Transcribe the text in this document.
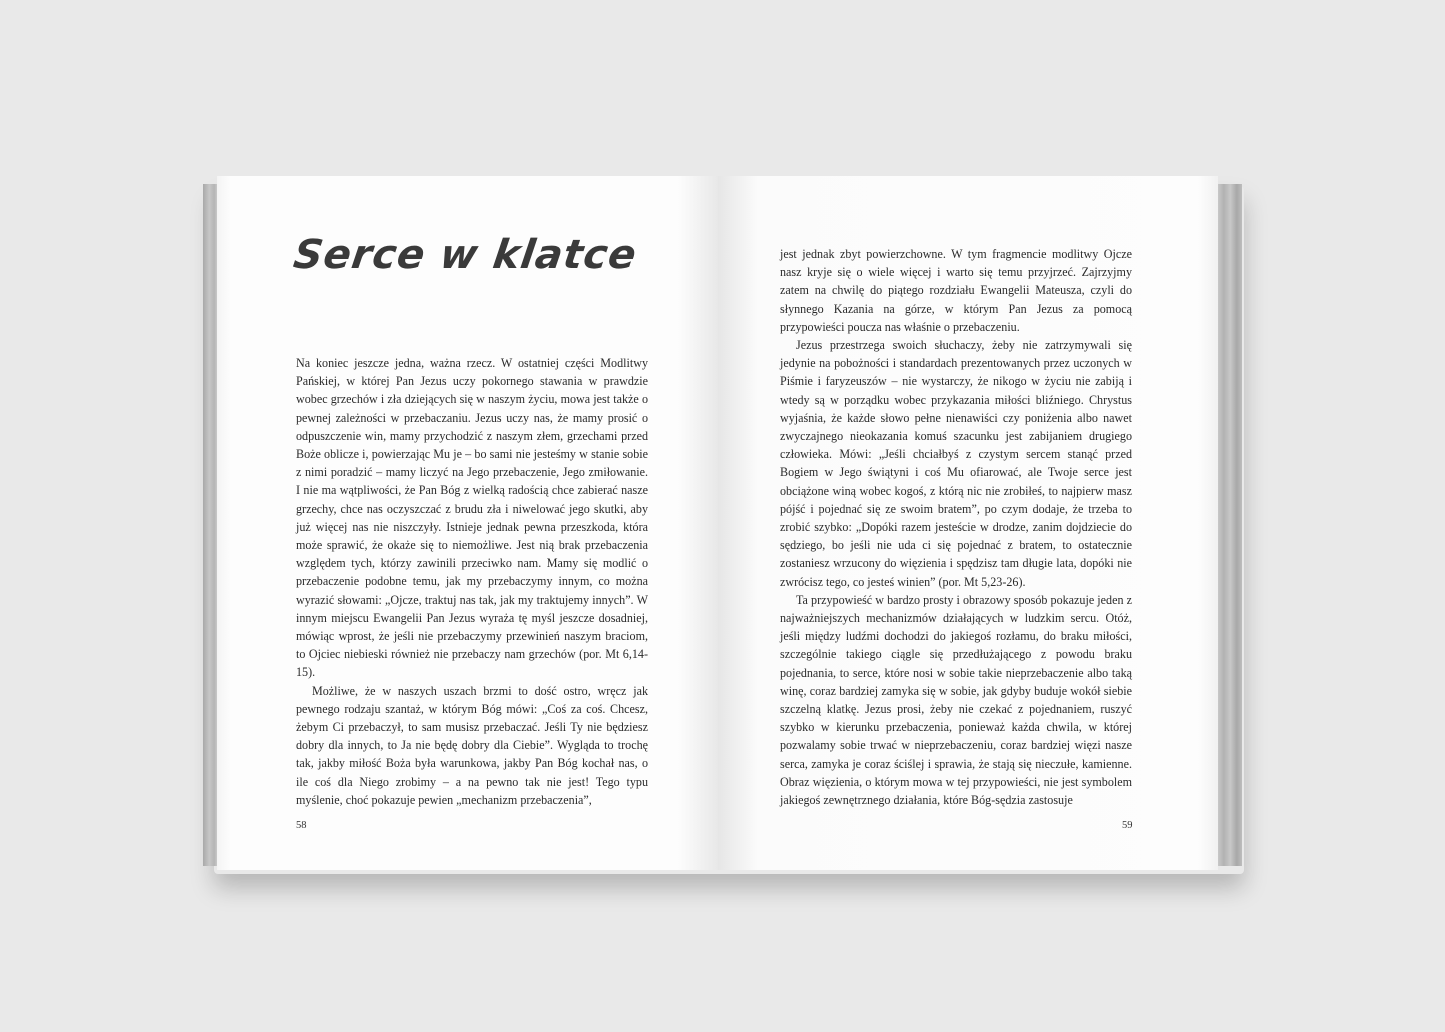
Serce w klatce

Na koniec jeszcze jedna, ważna rzecz. W ostatniej części Modlitwy Pańskiej, w której Pan Jezus uczy pokornego stawania w prawdzie wobec grzechów i zła dziejących się w naszym życiu, mowa jest także o pewnej zależności w przebaczaniu. Jezus uczy nas, że mamy prosić o odpuszczenie win, mamy przychodzić z naszym złem, grzechami przed Boże oblicze i, powierzając Mu je – bo sami nie jesteśmy w stanie sobie z nimi poradzić – mamy liczyć na Jego przebaczenie, Jego zmiłowanie. I nie ma wątpliwości, że Pan Bóg z wielką radością chce zabierać nasze grzechy, chce nas oczyszczać z brudu zła i niwelować jego skutki, aby już więcej nas nie niszczyły. Istnieje jednak pewna przeszkoda, która może sprawić, że okaże się to niemożliwe. Jest nią brak przebaczenia względem tych, którzy zawinili przeciwko nam. Mamy się modlić o przebaczenie podobne temu, jak my przebaczymy innym, co można wyrazić słowami: „Ojcze, traktuj nas tak, jak my traktujemy innych”. W innym miejscu Ewangelii Pan Jezus wyraża tę myśl jeszcze dosadniej, mówiąc wprost, że jeśli nie przebaczymy przewinień naszym braciom, to Ojciec niebieski również nie przebaczy nam grzechów (por. Mt 6,14-15).

Możliwe, że w naszych uszach brzmi to dość ostro, wręcz jak pewnego rodzaju szantaż, w którym Bóg mówi: „Coś za coś. Chcesz, żebym Ci przebaczył, to sam musisz przebaczać. Jeśli Ty nie będziesz dobry dla innych, to Ja nie będę dobry dla Ciebie”. Wygląda to trochę tak, jakby miłość Boża była warunkowa, jakby Pan Bóg kochał nas, o ile coś dla Niego zrobimy – a na pewno tak nie jest! Tego typu myślenie, choć pokazuje pewien „mechanizm przebaczenia”,

jest jednak zbyt powierzchowne. W tym fragmencie modlitwy Ojcze nasz kryje się o wiele więcej i warto się temu przyjrzeć. Zajrzyjmy zatem na chwilę do piątego rozdziału Ewangelii Mateusza, czyli do słynnego Kazania na górze, w którym Pan Jezus za pomocą przypowieści poucza nas właśnie o przebaczeniu.

Jezus przestrzega swoich słuchaczy, żeby nie zatrzymywali się jedynie na pobożności i standardach prezentowanych przez uczonych w Piśmie i faryzeuszów – nie wystarczy, że nikogo w życiu nie zabiją i wtedy są w porządku wobec przykazania miłości bliźniego. Chrystus wyjaśnia, że każde słowo pełne nienawiści czy poniżenia albo nawet zwyczajnego nieokazania komuś szacunku jest zabijaniem drugiego człowieka. Mówi: „Jeśli chciałbyś z czystym sercem stanąć przed Bogiem w Jego świątyni i coś Mu ofiarować, ale Twoje serce jest obciążone winą wobec kogoś, z którą nic nie zrobiłeś, to najpierw masz pójść i pojednać się ze swoim bratem”, po czym dodaje, że trzeba to zrobić szybko: „Dopóki razem jesteście w drodze, zanim dojdziecie do sędziego, bo jeśli nie uda ci się pojednać z bratem, to ostatecznie zostaniesz wrzucony do więzienia i spędzisz tam długie lata, dopóki nie zwrócisz tego, co jesteś winien” (por. Mt 5,23-26).

Ta przypowieść w bardzo prosty i obrazowy sposób pokazuje jeden z najważniejszych mechanizmów działających w ludzkim sercu. Otóż, jeśli między ludźmi dochodzi do jakiegoś rozłamu, do braku miłości, szczególnie takiego ciągle się przedłużającego z powodu braku pojednania, to serce, które nosi w sobie takie nieprzebaczenie albo taką winę, coraz bardziej zamyka się w sobie, jak gdyby buduje wokół siebie szczelną klatkę. Jezus prosi, żeby nie czekać z pojednaniem, ruszyć szybko w kierunku przebaczenia, ponieważ każda chwila, w której pozwalamy sobie trwać w nieprzebaczeniu, coraz bardziej więzi nasze serca, zamyka je coraz ściślej i sprawia, że stają się nieczułe, kamienne. Obraz więzienia, o którym mowa w tej przypowieści, nie jest symbolem jakiegoś zewnętrznego działania, które Bóg-sędzia zastosuje

58	59
